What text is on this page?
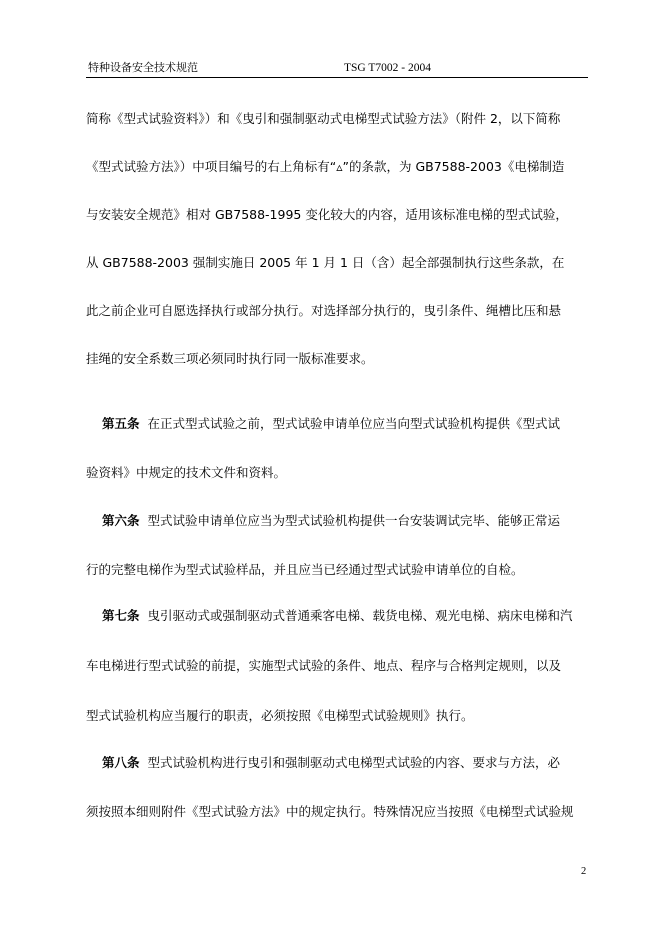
特种设备安全技术规范	TSG T7002 - 2004
简称《型式试验资料》）和《曳引和强制驱动式电梯型式试验方法》（附件 2，以下简称
《型式试验方法》）中项目编号的右上角标有“▵”的条款，为 GB7588-2003《电梯制造
与安装安全规范》相对 GB7588-1995 变化较大的内容，适用该标准电梯的型式试验，
从 GB7588-2003 强制实施日 2005 年 1 月 1 日（含）起全部强制执行这些条款，在
此之前企业可自愿选择执行或部分执行。对选择部分执行的，曳引条件、绳槽比压和悬
挂绳的安全系数三项必须同时执行同一版标准要求。
第五条 在正式型式试验之前，型式试验申请单位应当向型式试验机构提供《型式试
验资料》中规定的技术文件和资料。
第六条 型式试验申请单位应当为型式试验机构提供一台安装调试完毕、能够正常运
行的完整电梯作为型式试验样品，并且应当已经通过型式试验申请单位的自检。
第七条 曳引驱动式或强制驱动式普通乘客电梯、载货电梯、观光电梯、病床电梯和汽
车电梯进行型式试验的前提，实施型式试验的条件、地点、程序与合格判定规则，以及
型式试验机构应当履行的职责，必须按照《电梯型式试验规则》执行。
第八条 型式试验机构进行曳引和强制驱动式电梯型式试验的内容、要求与方法，必
须按照本细则附件《型式试验方法》中的规定执行。特殊情况应当按照《电梯型式试验规
2
